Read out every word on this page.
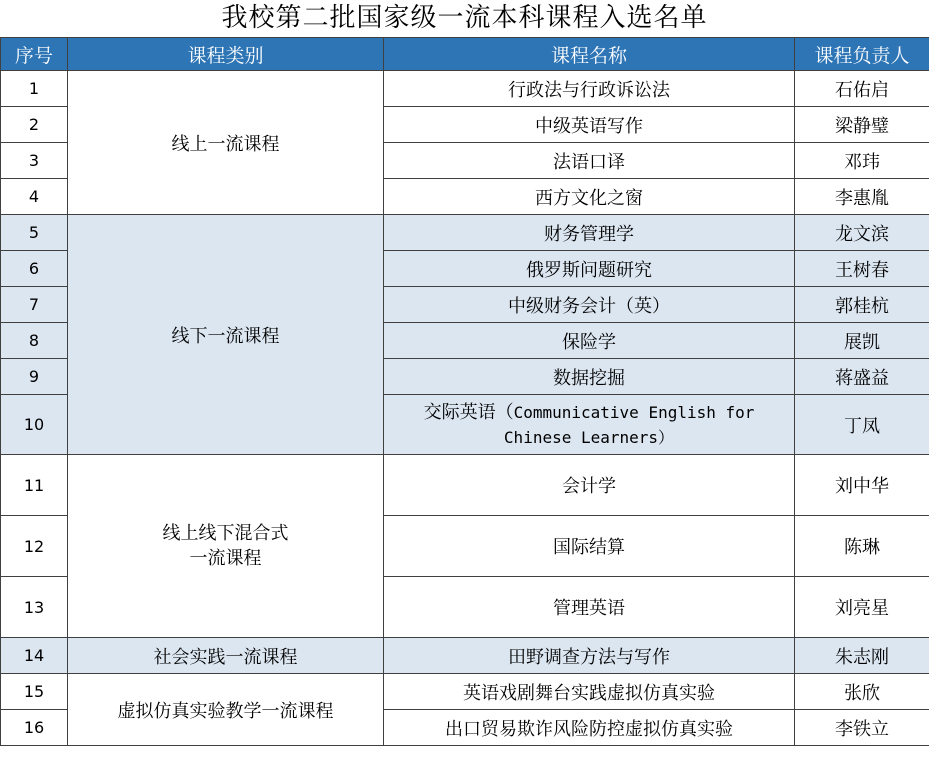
我校第二批国家级一流本科课程入选名单
序号	课程类别	课程名称	课程负责人
1	线上一流课程	行政法与行政诉讼法	石佑启
2		中级英语写作	梁静璧
3		法语口译	邓玮
4		西方文化之窗	李惠胤
5	线下一流课程	财务管理学	龙文滨
6		俄罗斯问题研究	王树春
7		中级财务会计（英）	郭桂杭
8		保险学	展凯
9		数据挖掘	蒋盛益
10		交际英语（Communicative English for
Chinese Learners）	丁凤
11	线上线下混合式
一流课程	会计学	刘中华
12		国际结算	陈琳
13		管理英语	刘亮星
14	社会实践一流课程	田野调查方法与写作	朱志刚
15	虚拟仿真实验教学一流课程	英语戏剧舞台实践虚拟仿真实验	张欣
16		出口贸易欺诈风险防控虚拟仿真实验	李铁立
